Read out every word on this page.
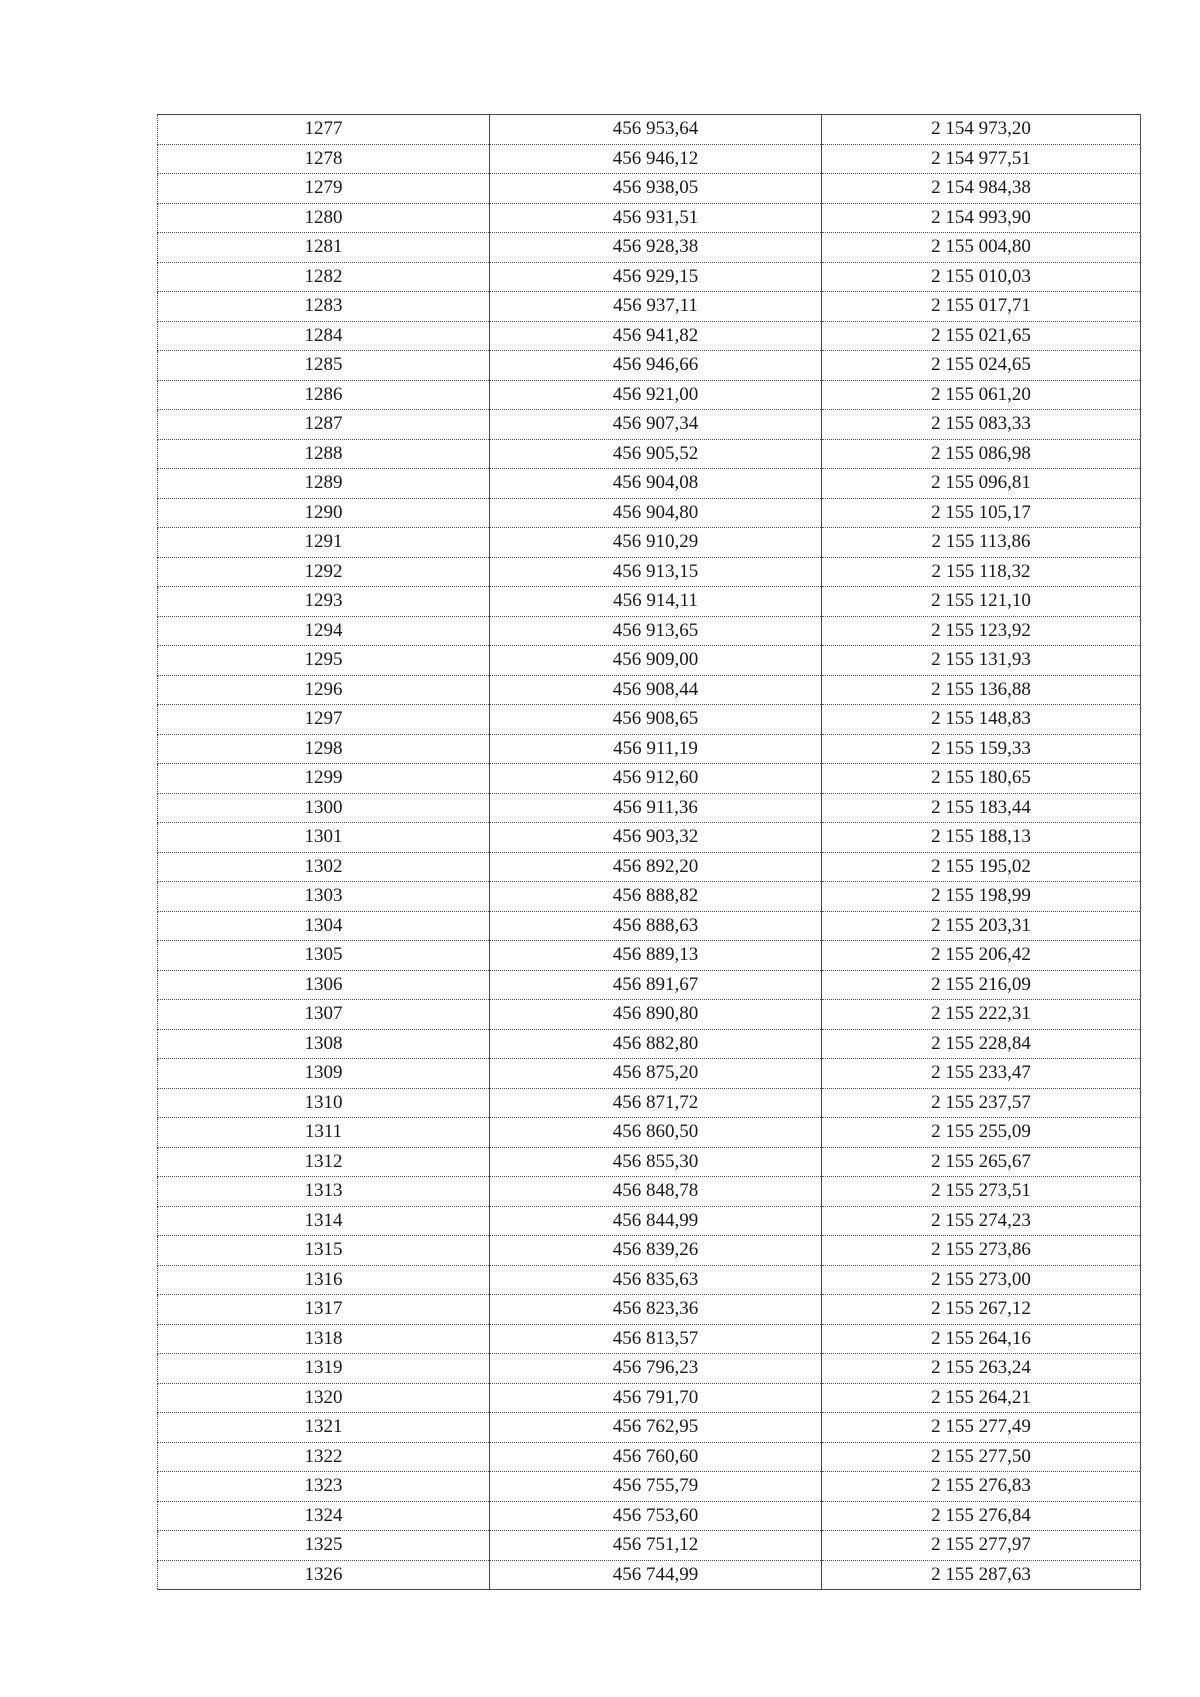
1277	456 953,64	2 154 973,20
1278	456 946,12	2 154 977,51
1279	456 938,05	2 154 984,38
1280	456 931,51	2 154 993,90
1281	456 928,38	2 155 004,80
1282	456 929,15	2 155 010,03
1283	456 937,11	2 155 017,71
1284	456 941,82	2 155 021,65
1285	456 946,66	2 155 024,65
1286	456 921,00	2 155 061,20
1287	456 907,34	2 155 083,33
1288	456 905,52	2 155 086,98
1289	456 904,08	2 155 096,81
1290	456 904,80	2 155 105,17
1291	456 910,29	2 155 113,86
1292	456 913,15	2 155 118,32
1293	456 914,11	2 155 121,10
1294	456 913,65	2 155 123,92
1295	456 909,00	2 155 131,93
1296	456 908,44	2 155 136,88
1297	456 908,65	2 155 148,83
1298	456 911,19	2 155 159,33
1299	456 912,60	2 155 180,65
1300	456 911,36	2 155 183,44
1301	456 903,32	2 155 188,13
1302	456 892,20	2 155 195,02
1303	456 888,82	2 155 198,99
1304	456 888,63	2 155 203,31
1305	456 889,13	2 155 206,42
1306	456 891,67	2 155 216,09
1307	456 890,80	2 155 222,31
1308	456 882,80	2 155 228,84
1309	456 875,20	2 155 233,47
1310	456 871,72	2 155 237,57
1311	456 860,50	2 155 255,09
1312	456 855,30	2 155 265,67
1313	456 848,78	2 155 273,51
1314	456 844,99	2 155 274,23
1315	456 839,26	2 155 273,86
1316	456 835,63	2 155 273,00
1317	456 823,36	2 155 267,12
1318	456 813,57	2 155 264,16
1319	456 796,23	2 155 263,24
1320	456 791,70	2 155 264,21
1321	456 762,95	2 155 277,49
1322	456 760,60	2 155 277,50
1323	456 755,79	2 155 276,83
1324	456 753,60	2 155 276,84
1325	456 751,12	2 155 277,97
1326	456 744,99	2 155 287,63
